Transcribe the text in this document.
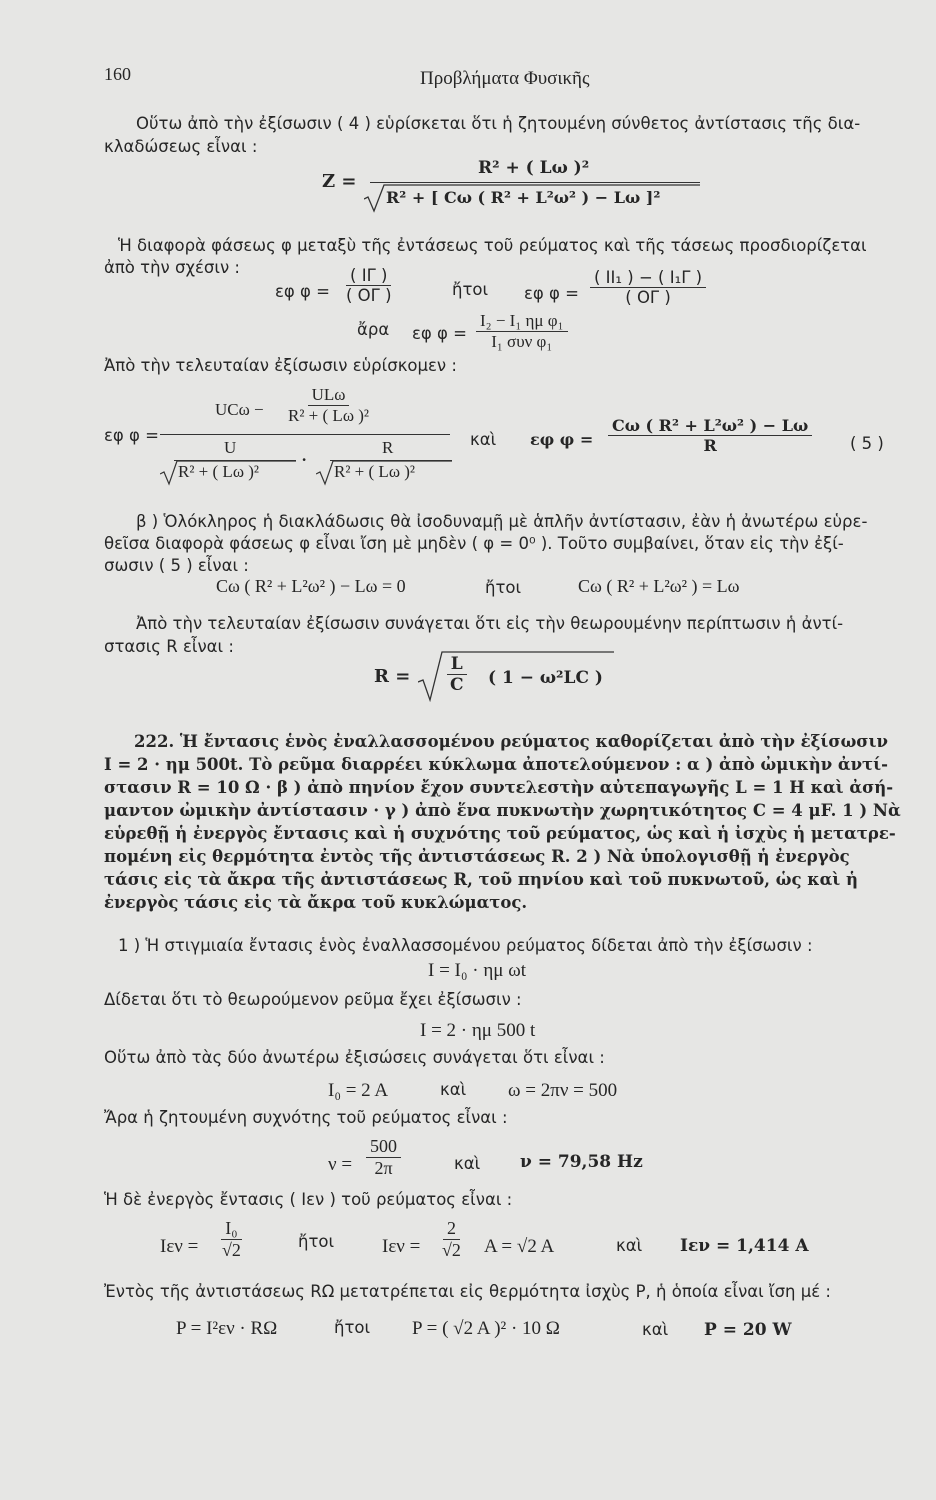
160	Προβλήματα Φυσικῆς
Οὕτω ἀπὸ τὴν ἐξίσωσιν ( 4 ) εὑρίσκεται ὅτι ἡ ζητουμένη σύνθετος ἀντίστασις τῆς δια-
κλαδώσεως εἶναι :
Z =
R² + ( Lω )²
R² + [ Cω ( R² + L²ω² ) − Lω ]²
Ἡ διαφορὰ φάσεως φ μεταξὺ τῆς ἐντάσεως τοῦ ρεύματος καὶ τῆς τάσεως προσδιορίζεται
ἀπὸ τὴν σχέσιν :
εφ $\varphi = \frac{( I\Gamma )}{( O\Gamma )}$	ἤτοι εφ $\varphi = \frac{\text{( ΙΙ₁ ) − ( Ι₁Γ )}}{( O\Gamma )}$
ἄρα εφ φ =
Ι₂ − Ι₁ ημ φ₁
Ι₁ συν φ₁
Ἀπὸ τὴν τελευταίαν ἐξίσωσιν εὑρίσκομεν :
εφ φ =
UCω −
ULω
R² + ( Lω )²
U	R
.
R² + ( Lω )²	R² + ( Lω )²
καὶ εφ $\varphi = \frac{\text{Cω ( R² + L²ω² ) − Lω}}{R}$ ( 5 )
β ) Ὁλόκληρος ἡ διακλάδωσις θὰ ἰσοδυναμῇ μὲ ἁπλῆν ἀντίστασιν, ἐὰν ἡ ἀνωτέρω εὑρε-
θεῖσα διαφορὰ φάσεως φ εἶναι ἴση μὲ μηδὲν ( φ = 0⁰ ). Τοῦτο συμβαίνει, ὅταν εἰς τὴν ἐξί-
σωσιν ( 5 ) εἶναι :
Cω ( R² + L²ω² ) − Lω = 0	ἤτοι	Cω ( R² + L²ω² ) = Lω
Ἀπὸ τὴν τελευταίαν ἐξίσωσιν συνάγεται ὅτι εἰς τὴν θεωρουμένην περίπτωσιν ἡ ἀντί-
στασις R εἶναι :
$R = \frac{L}{C}$ ( 1 − ω²LC )
222. Ἡ ἔντασις ἑνὸς ἐναλλασσομένου ρεύματος καθορίζεται ἀπὸ τὴν ἐξίσωσιν
I = 2 · ημ 500t. Τὸ ρεῦμα διαρρέει κύκλωμα ἀποτελούμενον : α ) ἀπὸ ὠμικὴν ἀντί-
στασιν R = 10 Ω · β ) ἀπὸ πηνίον ἔχον συντελεστὴν αὐτεπαγωγῆς L = 1 H καὶ ἀσή-
μαντον ὠμικὴν ἀντίστασιν · γ ) ἀπὸ ἕνα πυκνωτὴν χωρητικότητος C = 4 μF. 1 ) Νὰ
εὑρεθῇ ἡ ἐνεργὸς ἔντασις καὶ ἡ συχνότης τοῦ ρεύματος, ὡς καὶ ἡ ἰσχὺς ἡ μετατρε-
πομένη εἰς θερμότητα ἐντὸς τῆς ἀντιστάσεως R. 2 ) Νὰ ὑπολογισθῇ ἡ ἐνεργὸς
τάσις εἰς τὰ ἄκρα τῆς ἀντιστάσεως R, τοῦ πηνίου καὶ τοῦ πυκνωτοῦ, ὡς καὶ ἡ
ἐνεργὸς τάσις εἰς τὰ ἄκρα τοῦ κυκλώματος.
1 ) Ἡ στιγμιαία ἔντασις ἑνὸς ἐναλλασσομένου ρεύματος δίδεται ἀπὸ τὴν ἐξίσωσιν :
I = I₀ · ημ ωt
Δίδεται ὅτι τὸ θεωρούμενον ρεῦμα ἔχει ἐξίσωσιν :
I = 2 · ημ 500 t
Οὕτω ἀπὸ τὰς δύο ἀνωτέρω ἐξισώσεις συνάγεται ὅτι εἶναι :
I₀ = 2 A	καὶ ω = 2πν = 500
Ἄρα ἡ ζητουμένη συχνότης τοῦ ρεύματος εἶναι :
$\nu = \frac{500}{2\pi}$	καὶ ν = 79,58 Hz
Ἡ δὲ ἐνεργὸς ἔντασις ( Iεν ) τοῦ ρεύματος εἶναι :
$I\varepsilon\nu = \frac{\text{I₀}}{√2}$	ἤτοι	$I\varepsilon\nu = \frac{2}{√2}$ A = √2 A	καὶ Iεν = 1,414 A
Ἐντὸς τῆς ἀντιστάσεως RΩ μετατρέπεται εἰς θερμότητα ἰσχὺς P, ἡ ὁποία εἶναι ἴση μέ :
P = I²εν · RΩ	ἤτοι P = ( √2 A )² · 10 Ω	καὶ P = 20 W
